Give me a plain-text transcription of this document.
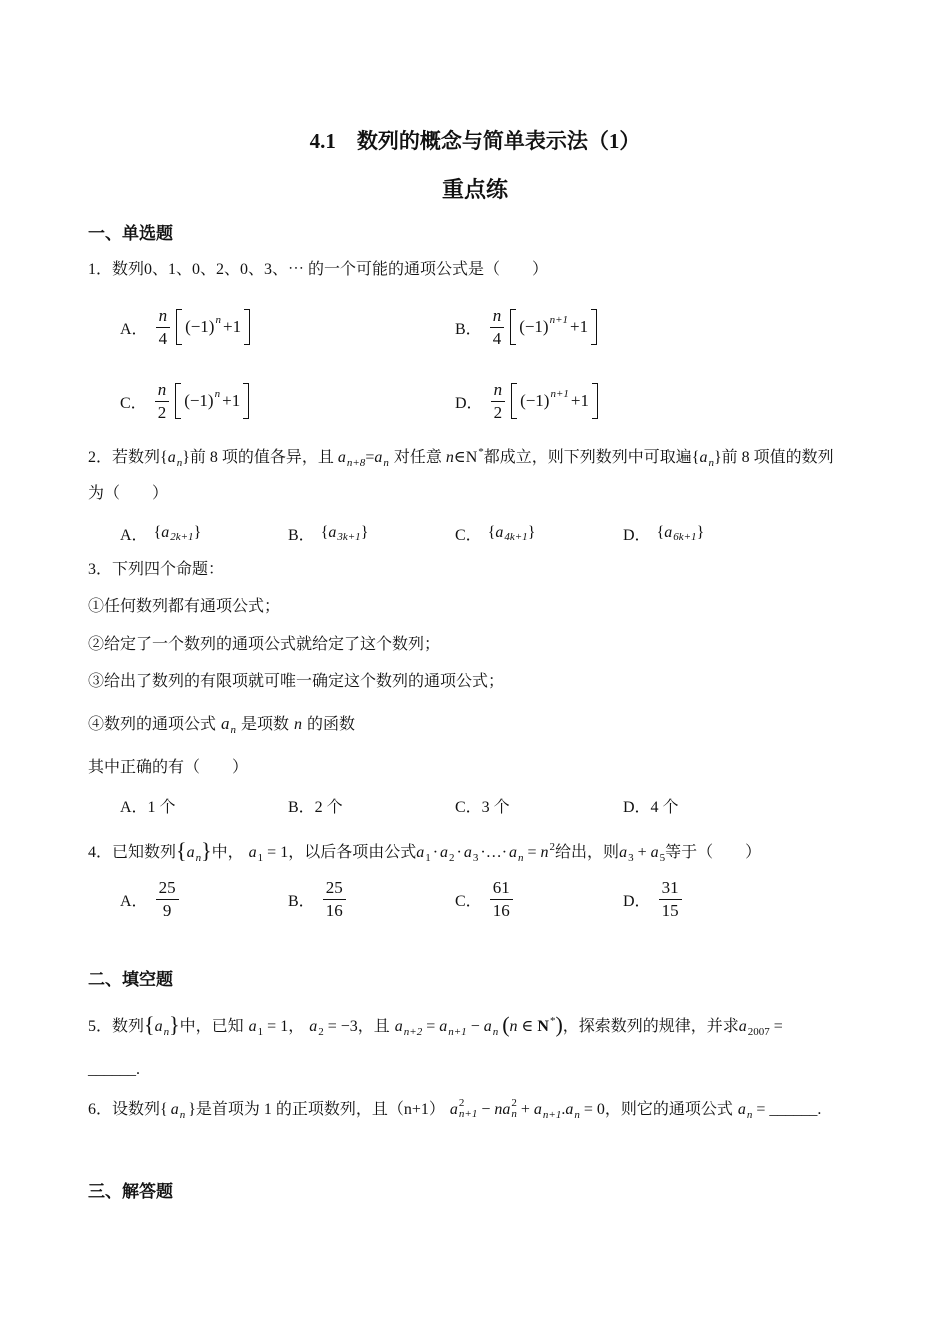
4.1　数列的概念与简单表示法（1）
重点练
一、单选题
1．数列0、1、0、2、0、3、⋯ 的一个可能的通项公式是（　　）
A． $\frac{n}{4} (-1)$ n +1	B． $\frac{n}{4} (-1)$ n+1 +1
C． $\frac{n}{2} (-1)$ n +1	D． $\frac{n}{2} (-1)$ n+1 +1
2．若数列$\{a_n\}$前 8 项的值各异，且 $a_{n+8}=a_n$ 对任意 n∈N*都成立，则下列数列中可取遍$\{a_n\}$前 8 项值的数列
为（　　）
A． { a 2k+1 }	B． { a 3k+1 }	C． { a 4k+1 }	D． { a 6k+1 }
3．下列四个命题：
①任何数列都有通项公式；
②给定了一个数列的通项公式就给定了这个数列；
③给出了数列的有限项就可唯一确定这个数列的通项公式；
④数列的通项公式 $a_n$ 是项数 n 的函数
其中正确的有（　　）
A．1 个	B．2 个	C．3 个	D．4 个
4．已知数列$\{a_n\}$中， $a_1 = 1$，以后各项由公式$a_1 \cdot a_2 \cdot a_3$ ·…· $a_n = n^2$给出，则$a_3 + a_5$等于（　　）
A． $\frac{25}{9}$	B． $\frac{25}{16}$	C． $\frac{61}{16}$	D． $\frac{31}{15}$
二、填空题
5．数列$\{a_n\}$中，已知 $a_1 = 1$， $a_2 = -3$，且 $a_{n+2} = a_{n+1} - a_n$ (n ∈ N*)，探索数列的规律，并求$a_{2007}$ =
______.
6．设数列{ $a_n$ }是首项为 1 的正项数列，且（n+1） a 2
n+1 − na 2
$n + a_{n+1}.a_n = 0$，则它的通项公式 $a_n$ = ______.
三、解答题
